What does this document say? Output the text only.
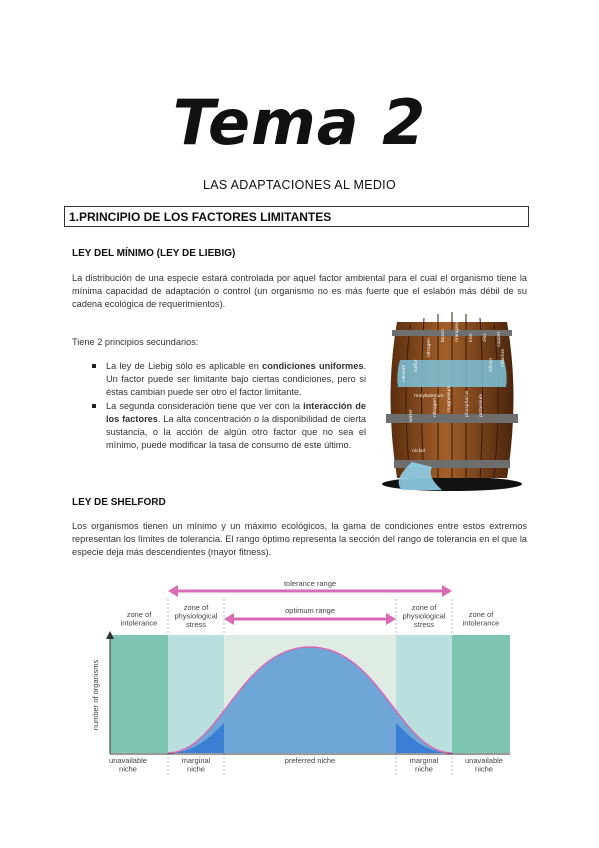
Tema 2
LAS ADAPTACIONES AL MEDIO
1.PRINCIPIO DE LOS FACTORES LIMITANTES
LEY DEL MÍNIMO (LEY DE LIEBIG)
La distribución de una especie estará controlada por aquel factor ambiental para el cual el organismo tiene la mínima capacidad de adaptación o control (un organismo no es más fuerte que el eslabón más débil de su cadena ecológica de requerimientos).
Tiene 2 principios secundarios:
La ley de Liebig sólo es aplicable en condiciones uniformes. Un factor puede ser limitante bajo ciertas condiciones, pero si éstas cambian puede ser otro el factor limitante.
La segunda consideración tiene que ver con la interacción de los factores. La alta concentración o la disponibilidad de cierta sustancia, o la acción de algún otro factor que no sea el mínimo, puede modificar la tasa de consumo de este último.
calcium sulfur
nitrogen
boron manganese iron zinc copper
silicon chlorine
potassium
phosphorus
magnesium
water	nitrogen
molybdenum
nickel
LEY DE SHELFORD
Los organismos tienen un mínimo y un máximo ecológicos, la gama de condiciones entre estos extremos representan los límites de tolerancia. El rango óptimo representa la sección del rango de tolerancia en el que la especie deja más descendientes (mayor fitness).
tolerance range
optimum range
zone of intolerance
zone of physiological stress
zone of physiological stress
zone of intolerance
unavailable niche
marginal niche
preferred niche	marginal niche
unavailable niche
number of organisms
